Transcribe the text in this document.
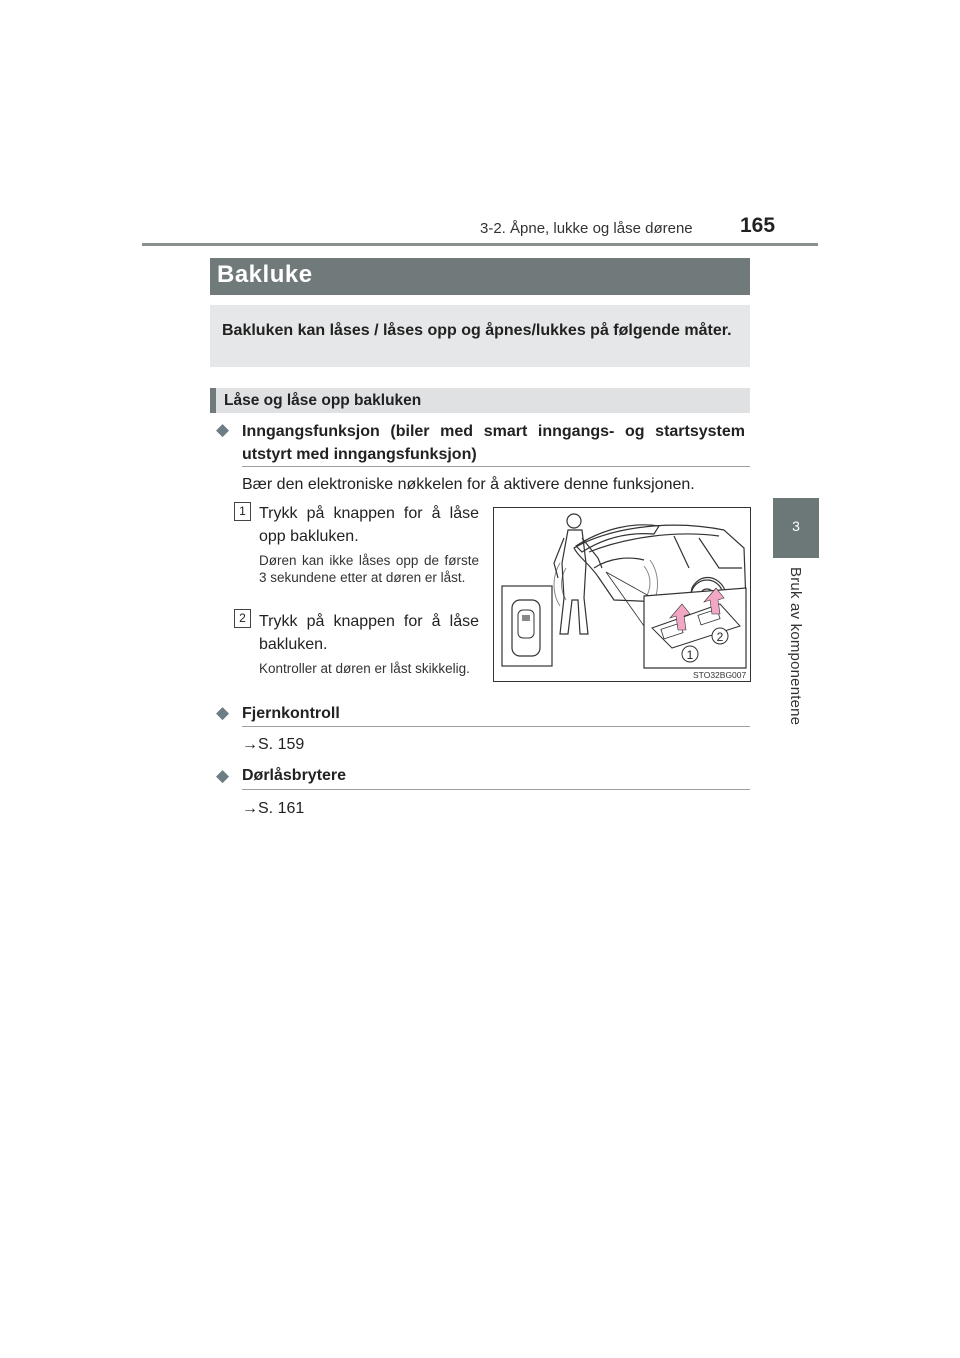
3-2. Åpne, lukke og låse dørene 165
3
Bruk av komponentene
Bakluke
Bakluken kan låses / låses opp og åpnes/lukkes på følgende måter.
Låse og låse opp bakluken
◆ Inngangsfunksjon (biler med smart inngangs- og startsystem utstyrt med inngangsfunksjon)
Bær den elektroniske nøkkelen for å aktivere denne funksjonen.
1 Trykk på knappen for å låse opp bakluken.
Døren kan ikke låses opp de første 3 sekundene etter at døren er låst.
2 Trykk på knappen for å låse bakluken.
Kontroller at døren er låst skikkelig.
1
2
STO32BG007
◆ Fjernkontroll
→S. 159
◆ Dørlåsbrytere
→S. 161
